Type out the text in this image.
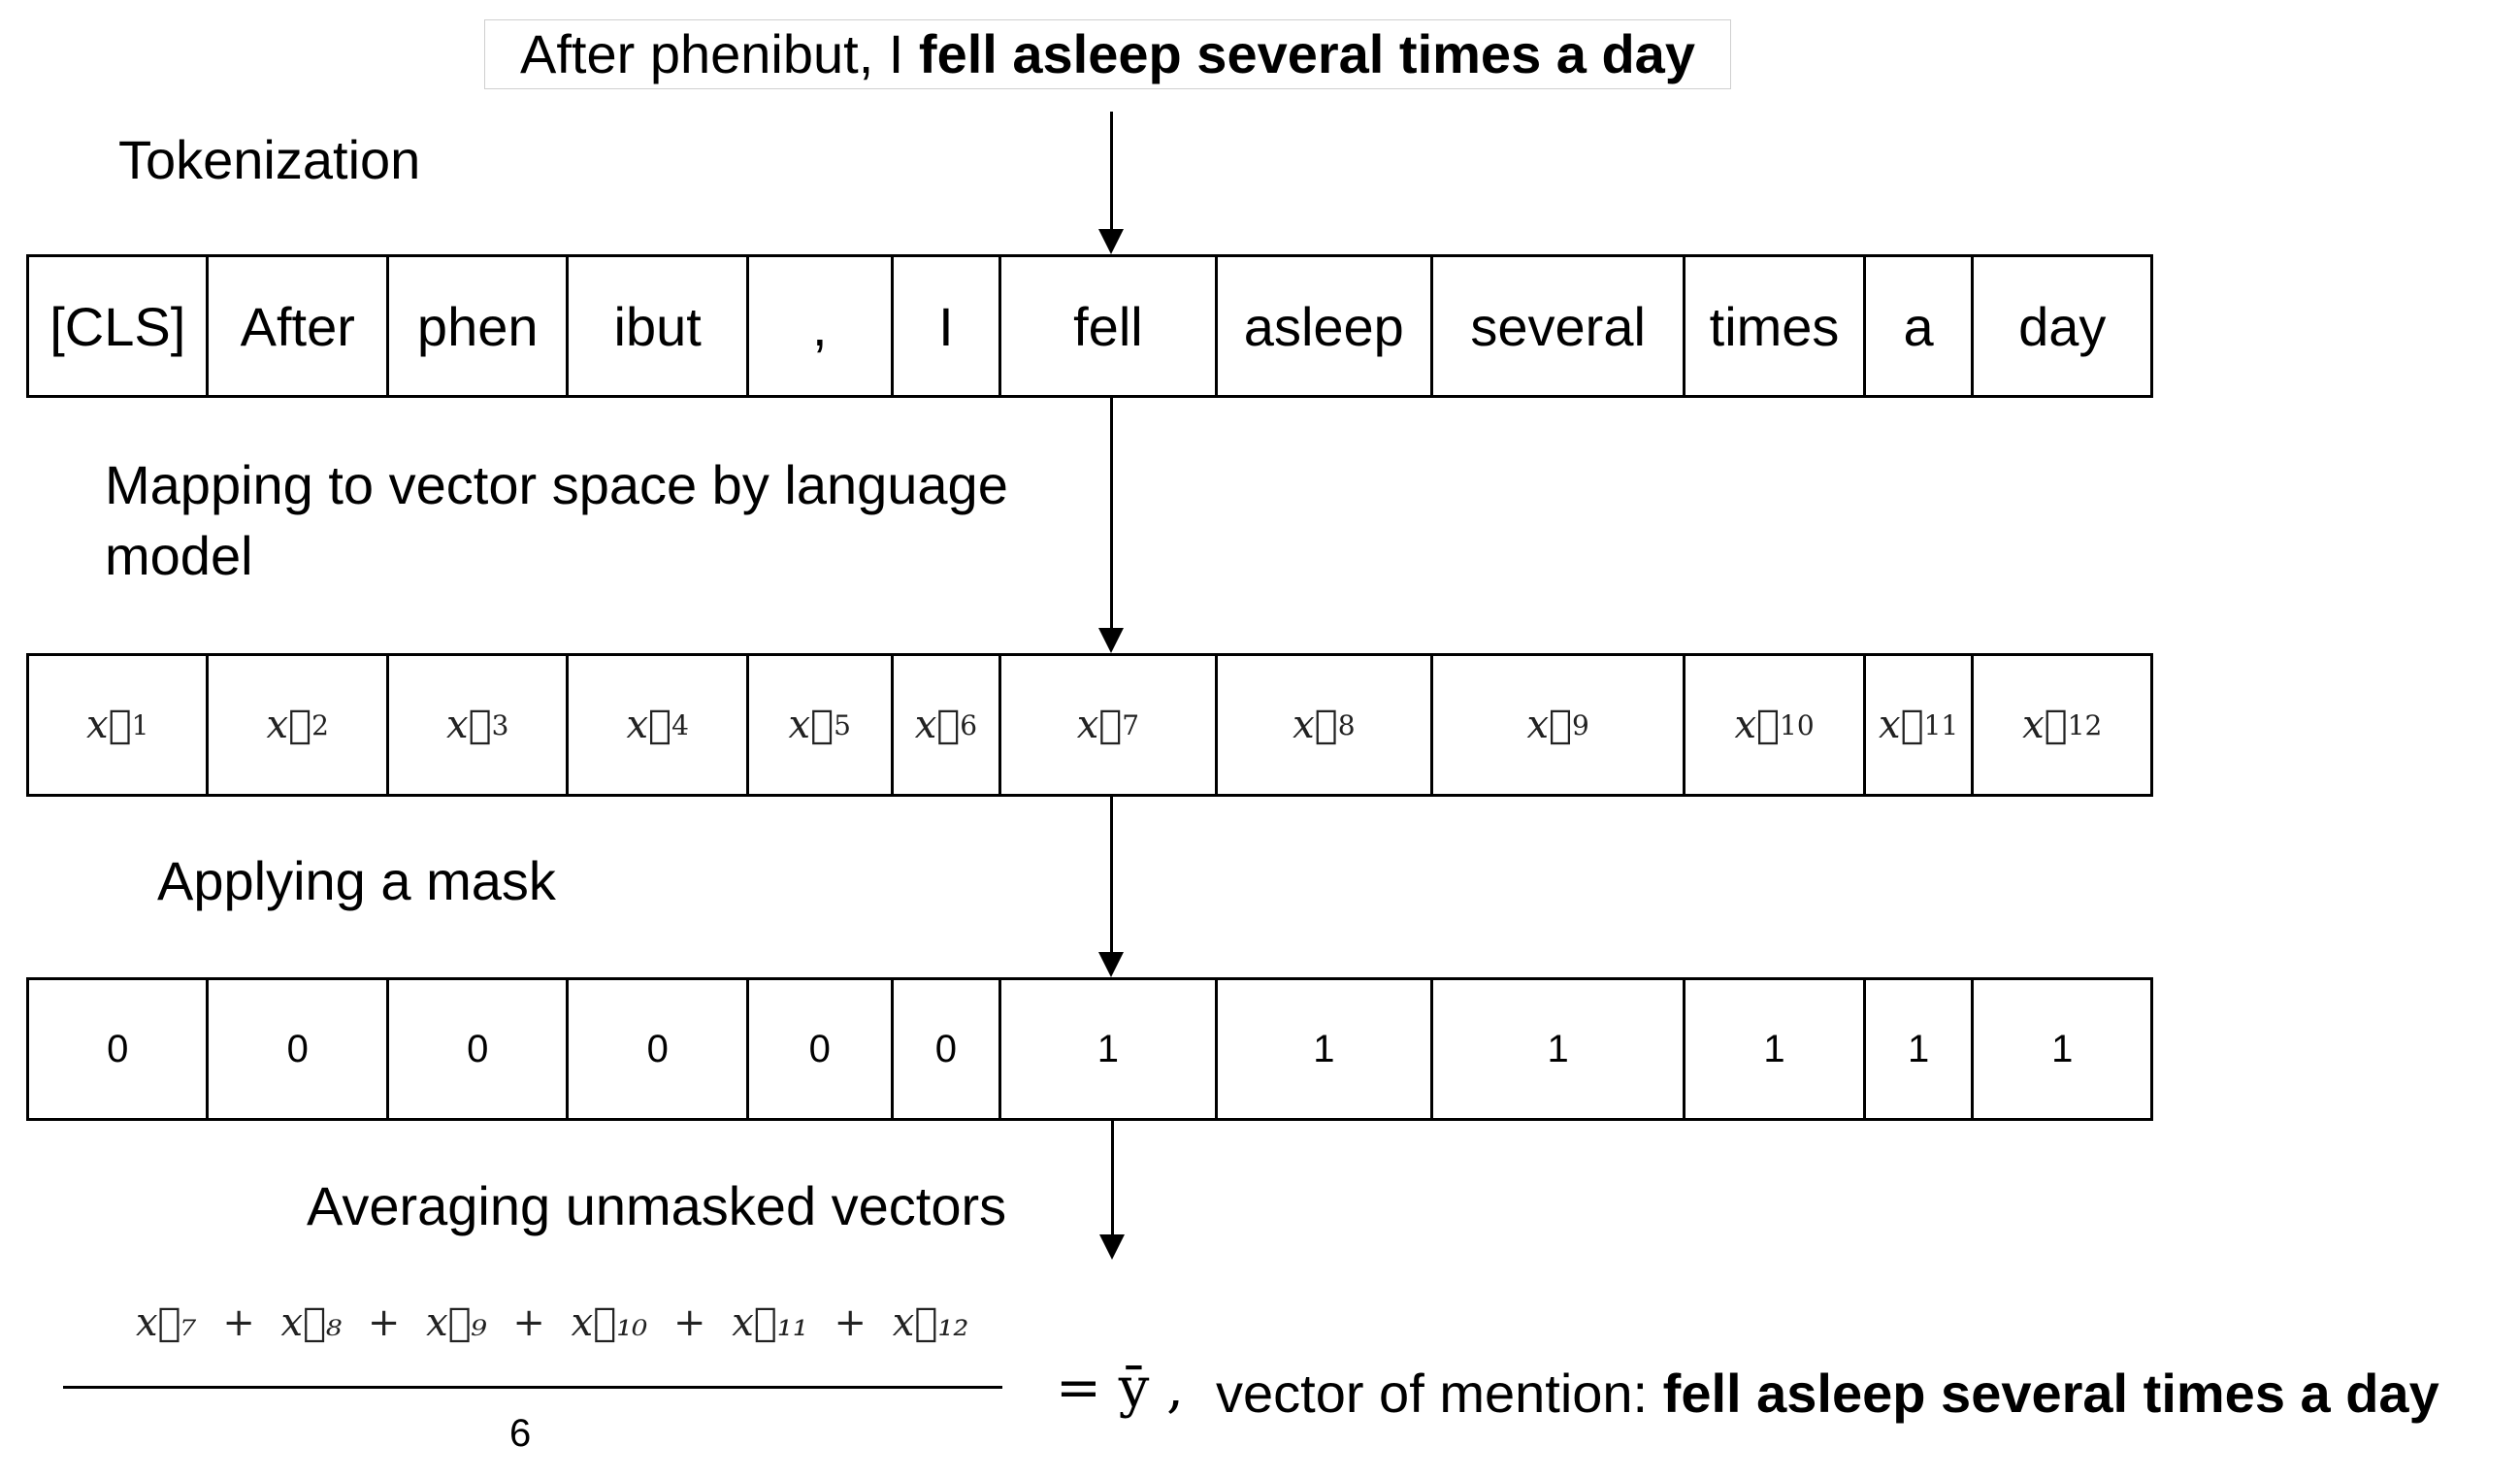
After phenibut, I fell asleep several times a day
Tokenization
[CLS]	After	phen	ibut	,	I	fell	asleep	several	times	a	day
Mapping to vector space by language
model
x⃗ 1	x⃗ 2	x⃗ 3	x⃗ 4	x⃗ 5 x⃗ 6	x⃗ 7	x⃗ 8	x⃗ 9	x⃗ 10 x⃗ 11 x⃗ 12
Applying a mask
0	0	0	0	0	0	1	1	1	1	1	1
Averaging unmasked vectors
x⃗₇ + x⃗₈ + x⃗₉ + x⃗₁₀ + x⃗₁₁ + x⃗₁₂
6
= ȳ , vector of mention: fell asleep several times a day
